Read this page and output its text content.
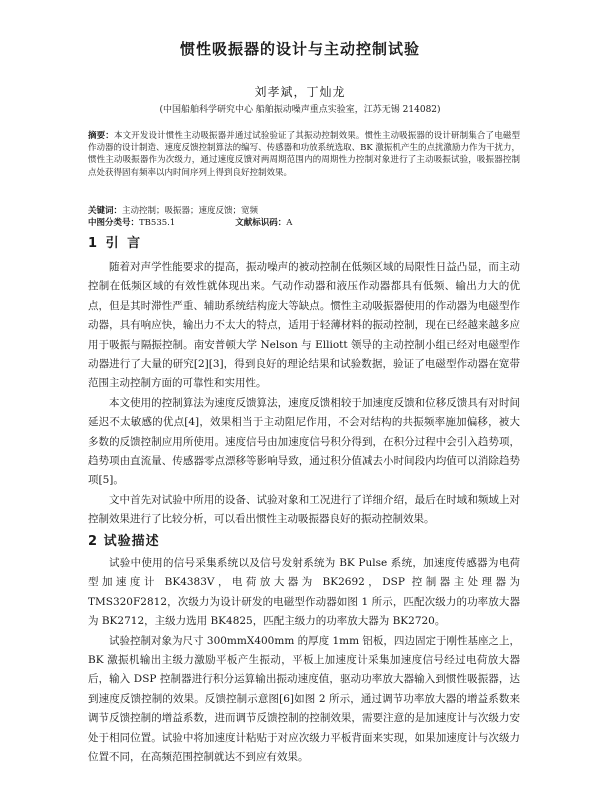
惯性吸振器的设计与主动控制试验
刘孝斌，丁灿龙
(中国船舶科学研究中心 船舶振动噪声重点实验室，江苏无锡 214082)
摘要：本文开发设计惯性主动吸振器并通过试验验证了其振动控制效果。惯性主动吸振器的设计研制集合了电磁型作动器的设计制造、速度反馈控制算法的编写、传感器和功放系统选取、BK 激振机产生的点扰激励力作为干扰力，惯性主动吸振器作为次级力，通过速度反馈对两周期范围内的周期性力控制对象进行了主动吸振试验，吸振器控制点处获得固有频率以内时间序列上得到良好控制效果。
关键词：主动控制；吸振器；速度反馈；宽频
中图分类号：TB535.1	文献标识码：A
1 引 言

随着对声学性能要求的提高，振动噪声的被动控制在低频区域的局限性日益凸显，而主动控制在低频区域的有效性就体现出来。气动作动器和液压作动器都具有低频、输出力大的优点，但是其时滞性严重、辅助系统结构庞大等缺点。惯性主动吸振器使用的作动器为电磁型作动器，具有响应快，输出力不太大的特点，适用于轻薄材料的振动控制，现在已经越来越多应用于吸振与隔振控制。南安普顿大学 Nelson 与 Elliott 领导的主动控制小组已经对电磁型作动器进行了大量的研究[2][3]，得到良好的理论结果和试验数据，验证了电磁型作动器在宽带范围主动控制方面的可靠性和实用性。

本文使用的控制算法为速度反馈算法，速度反馈相较于加速度反馈和位移反馈具有对时间延迟不太敏感的优点[4]，效果相当于主动阻尼作用，不会对结构的共振频率施加偏移，被大多数的反馈控制应用所使用。速度信号由加速度信号积分得到，在积分过程中会引入趋势项，趋势项由直流量、传感器零点漂移等影响导致，通过积分值减去小时间段内均值可以消除趋势项[5]。

文中首先对试验中所用的设备、试验对象和工况进行了详细介绍，最后在时域和频域上对控制效果进行了比较分析，可以看出惯性主动吸振器良好的振动控制效果。

2 试验描述

试验中使用的信号采集系统以及信号发射系统为 BK Pulse 系统，加速度传感器为电荷型加速度计 BK4383V，电荷放大器为 BK2692，DSP 控制器主处理器为 TMS320F2812，次级力为设计研发的电磁型作动器如图 1 所示，匹配次级力的功率放大器为 BK2712，主级力选用 BK4825，匹配主级力的功率放大器为 BK2720。

试验控制对象为尺寸 300mmX400mm 的厚度 1mm 铝板，四边固定于刚性基座之上，BK 激振机输出主级力激励平板产生振动，平板上加速度计采集加速度信号经过电荷放大器后，输入 DSP 控制器进行积分运算输出振动速度值，驱动功率放大器输入到惯性吸振器，达到速度反馈控制的效果。反馈控制示意图[6]如图 2 所示，通过调节功率放大器的增益系数来调节反馈控制的增益系数，进而调节反馈控制的控制效果，需要注意的是加速度计与次级力安处于相同位置。试验中将加速度计粘贴于对应次级力平板背面来实现，如果加速度计与次级力位置不同，在高频范围控制就达不到应有效果。
